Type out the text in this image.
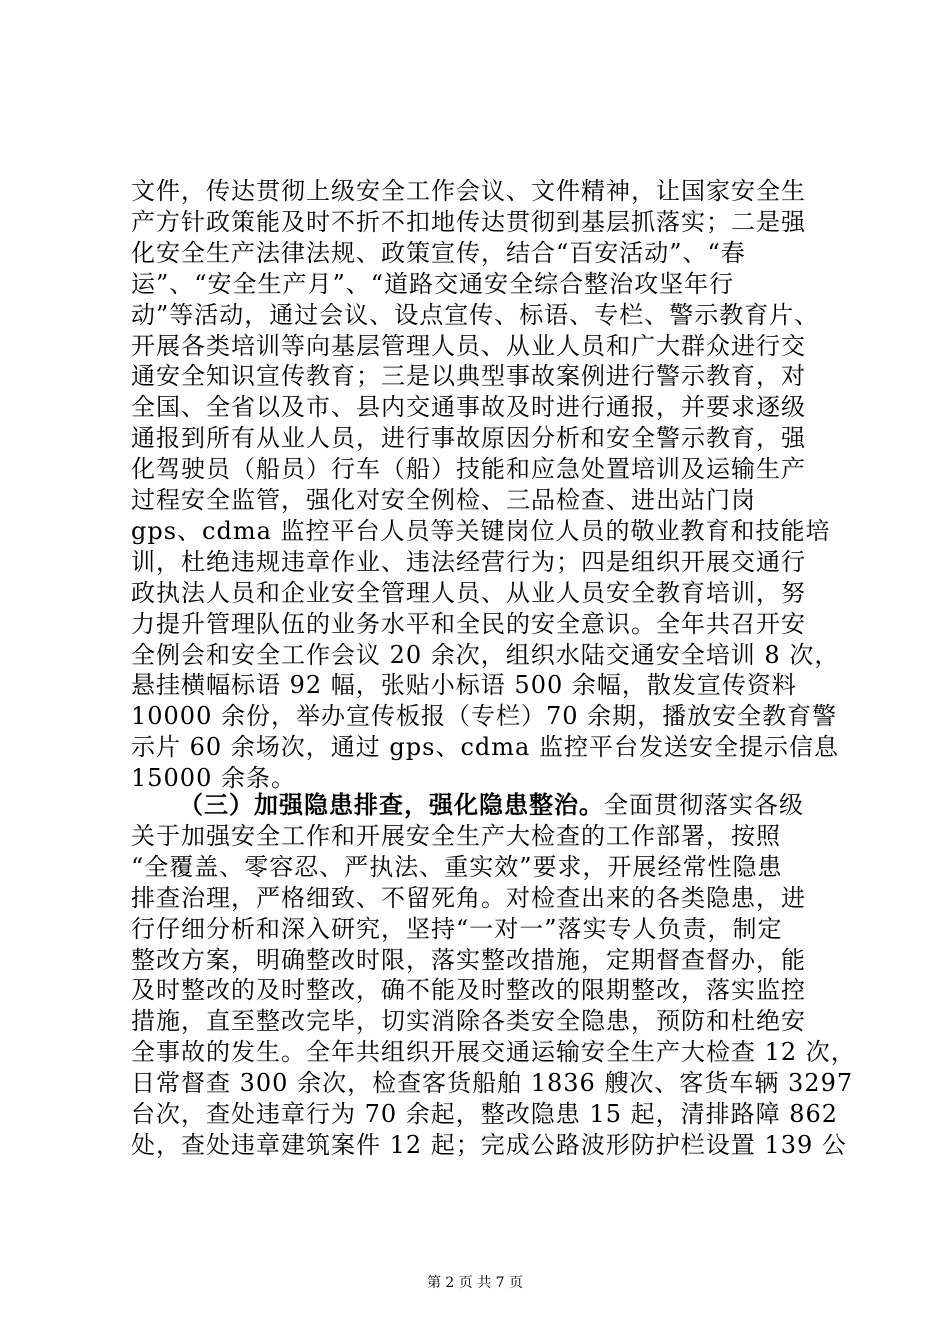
文件，传达贯彻上级安全工作会议、文件精神，让国家安全生
产方针政策能及时不折不扣地传达贯彻到基层抓落实；二是强
化安全生产法律法规、政策宣传，结合“百安活动”、“春
运”、“安全生产月”、“道路交通安全综合整治攻坚年行
动”等活动，通过会议、设点宣传、标语、专栏、警示教育片、
开展各类培训等向基层管理人员、从业人员和广大群众进行交
通安全知识宣传教育；三是以典型事故案例进行警示教育，对
全国、全省以及市、县内交通事故及时进行通报，并要求逐级
通报到所有从业人员，进行事故原因分析和安全警示教育，强
化驾驶员（船员）行车（船）技能和应急处置培训及运输生产
过程安全监管，强化对安全例检、三品检查、进出站门岗
gps、cdma 监控平台人员等关键岗位人员的敬业教育和技能培
训，杜绝违规违章作业、违法经营行为；四是组织开展交通行
政执法人员和企业安全管理人员、从业人员安全教育培训，努
力提升管理队伍的业务水平和全民的安全意识。全年共召开安
全例会和安全工作会议 20 余次，组织水陆交通安全培训 8 次，
悬挂横幅标语 92 幅，张贴小标语 500 余幅，散发宣传资料
10000 余份，举办宣传板报（专栏）70 余期，播放安全教育警
示片 60 余场次，通过 gps、cdma 监控平台发送安全提示信息
15000 余条。
（三）加强隐患排查，强化隐患整治。全面贯彻落实各级
关于加强安全工作和开展安全生产大检查的工作部署，按照
“全覆盖、零容忍、严执法、重实效”要求，开展经常性隐患
排查治理，严格细致、不留死角。对检查出来的各类隐患，进
行仔细分析和深入研究，坚持“一对一”落实专人负责，制定
整改方案，明确整改时限，落实整改措施，定期督查督办，能
及时整改的及时整改，确不能及时整改的限期整改，落实监控
措施，直至整改完毕，切实消除各类安全隐患，预防和杜绝安
全事故的发生。全年共组织开展交通运输安全生产大检查 12 次，
日常督查 300 余次，检查客货船舶 1836 艘次、客货车辆 3297
台次，查处违章行为 70 余起，整改隐患 15 起，清排路障 862
处，查处违章建筑案件 12 起；完成公路波形防护栏设置 139 公
第 2 页 共 7 页
